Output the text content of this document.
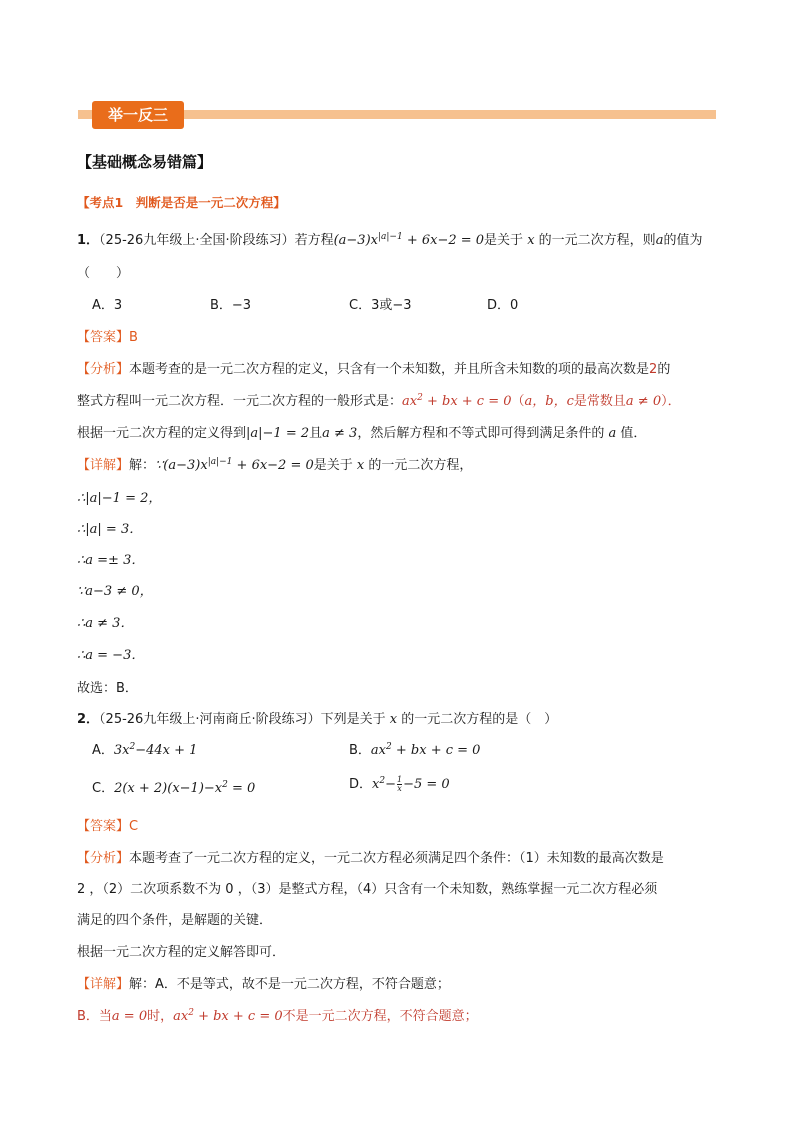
举一反三
【基础概念易错篇】
【考点1　判断是否是一元二次方程】
1．（25-26九年级上·全国·阶段练习）若方程$(a-3)x^{|a|-1} + 6x-2 = 0$是关于 x 的一元二次方程，则a的值为
（　　）
A．3	B．−3	C．3或−3	D．0
【答案】B
【分析】本题考查的是一元二次方程的定义，只含有一个未知数，并且所含未知数的项的最高次数是2的
整式方程叫一元二次方程．一元二次方程的一般形式是：$ax^2$ + bx + c = 0（a，b，c是常数且a ≠ 0）．
根据一元二次方程的定义得到|a|−1 = 2且a ≠ 3，然后解方程和不等式即可得到满足条件的 a 值．
【详解】解：$\because(a-3)x^{|a|-1} + 6x-2 = 0$是关于 x 的一元二次方程，
∴|a|−1 = 2，
∴|a| = 3．
∴a =± 3．
∵a−3 ≠ 0，
∴a ≠ 3．
∴a = −3．
故选：B．
2．（25-26九年级上·河南商丘·阶段练习）下列是关于 x 的一元二次方程的是（　）
A．$3x^2-44x + 1$	B．$ax^2$ + bx + c = 0
C．$2(x + 2)(x-1)-x^2 = 0$	D．$x^2- \frac{1}{x} -5 = 0$
【答案】C
【分析】本题考查了一元二次方程的定义，一元二次方程必须满足四个条件：（1）未知数的最高次数是
2 ，（2）二次项系数不为 0 ，（3）是整式方程，（4）只含有一个未知数，熟练掌握一元二次方程必须
满足的四个条件，是解题的关键．
根据一元二次方程的定义解答即可．
【详解】解：A．不是等式，故不是一元二次方程，不符合题意；
B．当a = 0时，$ax^2$ + bx + c = 0不是一元二次方程，不符合题意；
